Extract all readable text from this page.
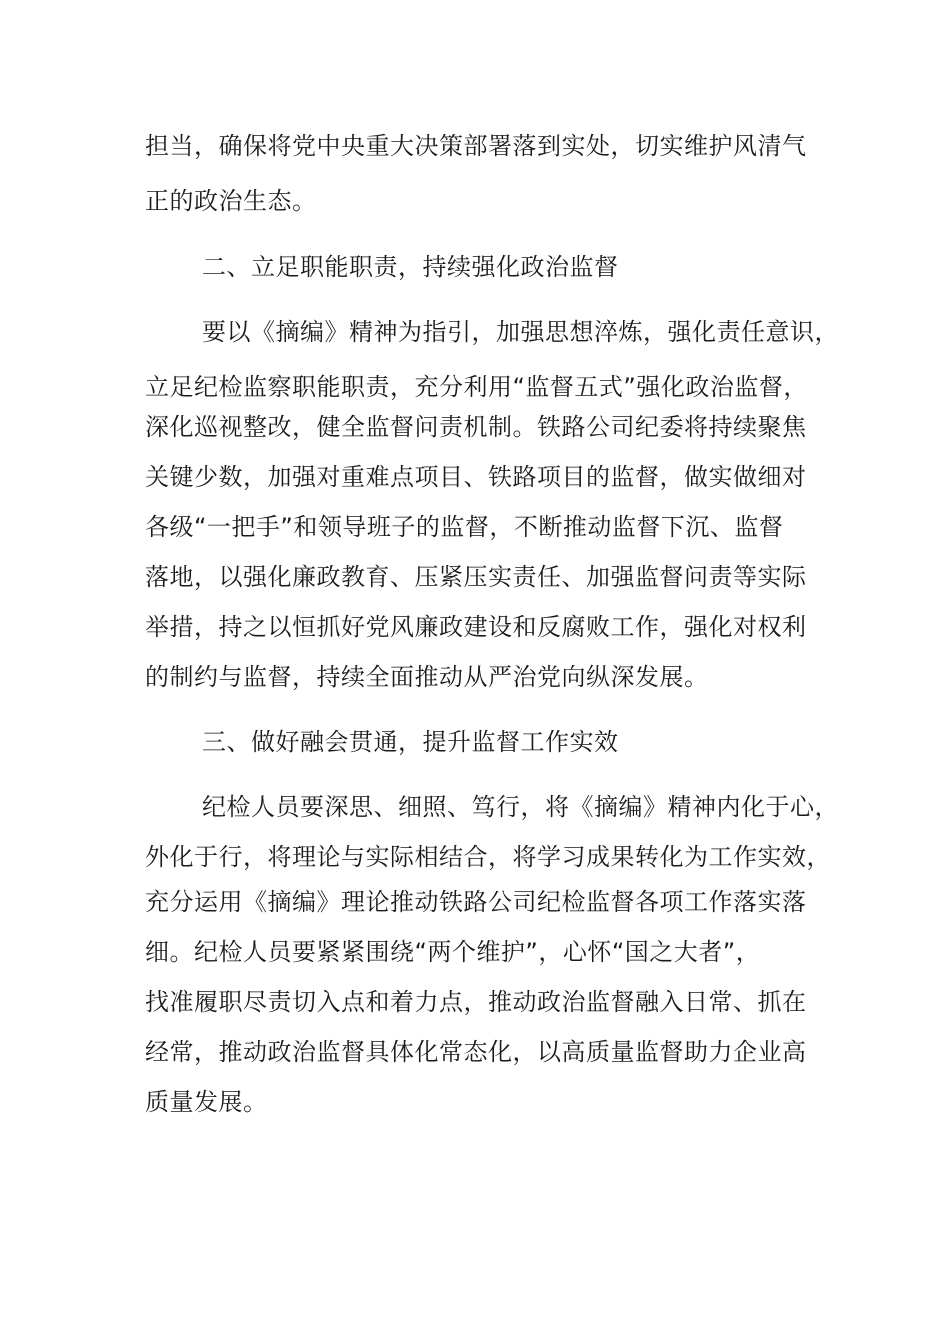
担当，确保将党中央重大决策部署落到实处，切实维护风清气
正的政治生态。
二、立足职能职责，持续强化政治监督
要以《摘编》精神为指引，加强思想淬炼，强化责任意识，
立足纪检监察职能职责，充分利用“监督五式”强化政治监督，
深化巡视整改，健全监督问责机制。铁路公司纪委将持续聚焦
关键少数，加强对重难点项目、铁路项目的监督，做实做细对
各级“一把手”和领导班子的监督，不断推动监督下沉、监督
落地，以强化廉政教育、压紧压实责任、加强监督问责等实际
举措，持之以恒抓好党风廉政建设和反腐败工作，强化对权利
的制约与监督，持续全面推动从严治党向纵深发展。
三、做好融会贯通，提升监督工作实效
纪检人员要深思、细照、笃行，将《摘编》精神内化于心，
外化于行，将理论与实际相结合，将学习成果转化为工作实效，
充分运用《摘编》理论推动铁路公司纪检监督各项工作落实落
细。纪检人员要紧紧围绕“两个维护”，心怀“国之大者”，
找准履职尽责切入点和着力点，推动政治监督融入日常、抓在
经常，推动政治监督具体化常态化，以高质量监督助力企业高
质量发展。
